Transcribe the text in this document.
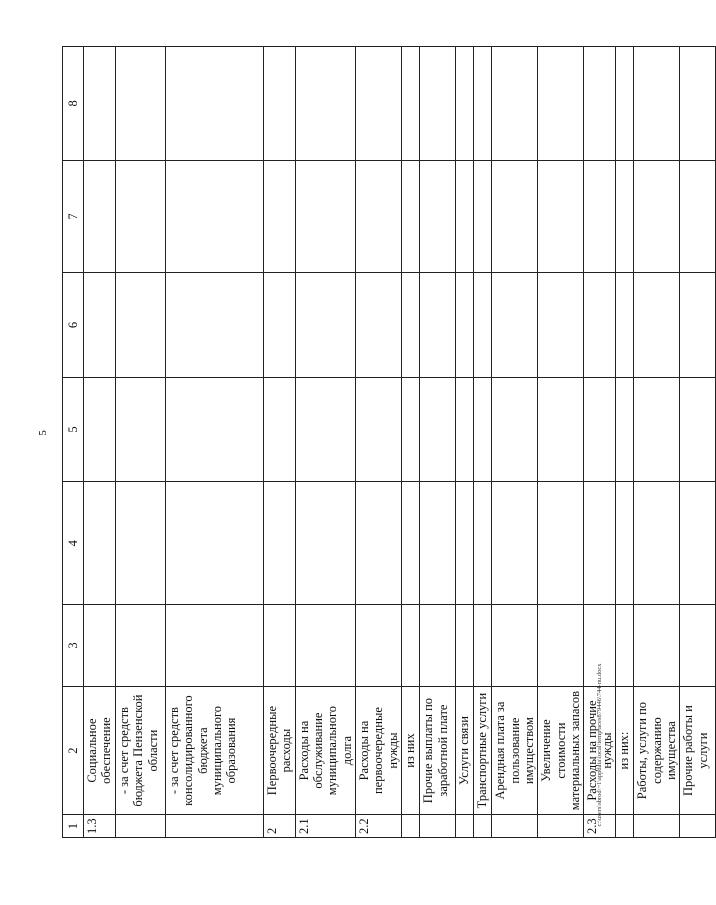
5
1	2	3	4	5	6	7	8
1.3	Социальное обеспечение						
	- за счет средств бюджета Пензенской области						
	- за счет средств консолидированного бюджета муниципального образования						
2	Первоочередные расходы						
2.1	Расходы на обслуживание муниципального долга						
2.2	Расходы на первоочередные нужды						
	из них						
	Прочие выплаты по заработной плате						
	Услуги связи						
	Транспортные услуги						
	Арендная плата за пользование имуществом						
	Увеличение стоимости материальных запасов						
2.3	Расходы на прочие нужды						
	из них:						
	Работы, услуги по содержанию имущества						
	Прочие работы и услуги						
c:\users\sbrod\~1\appdata\local\temp\aces879446\744-nu.docx
